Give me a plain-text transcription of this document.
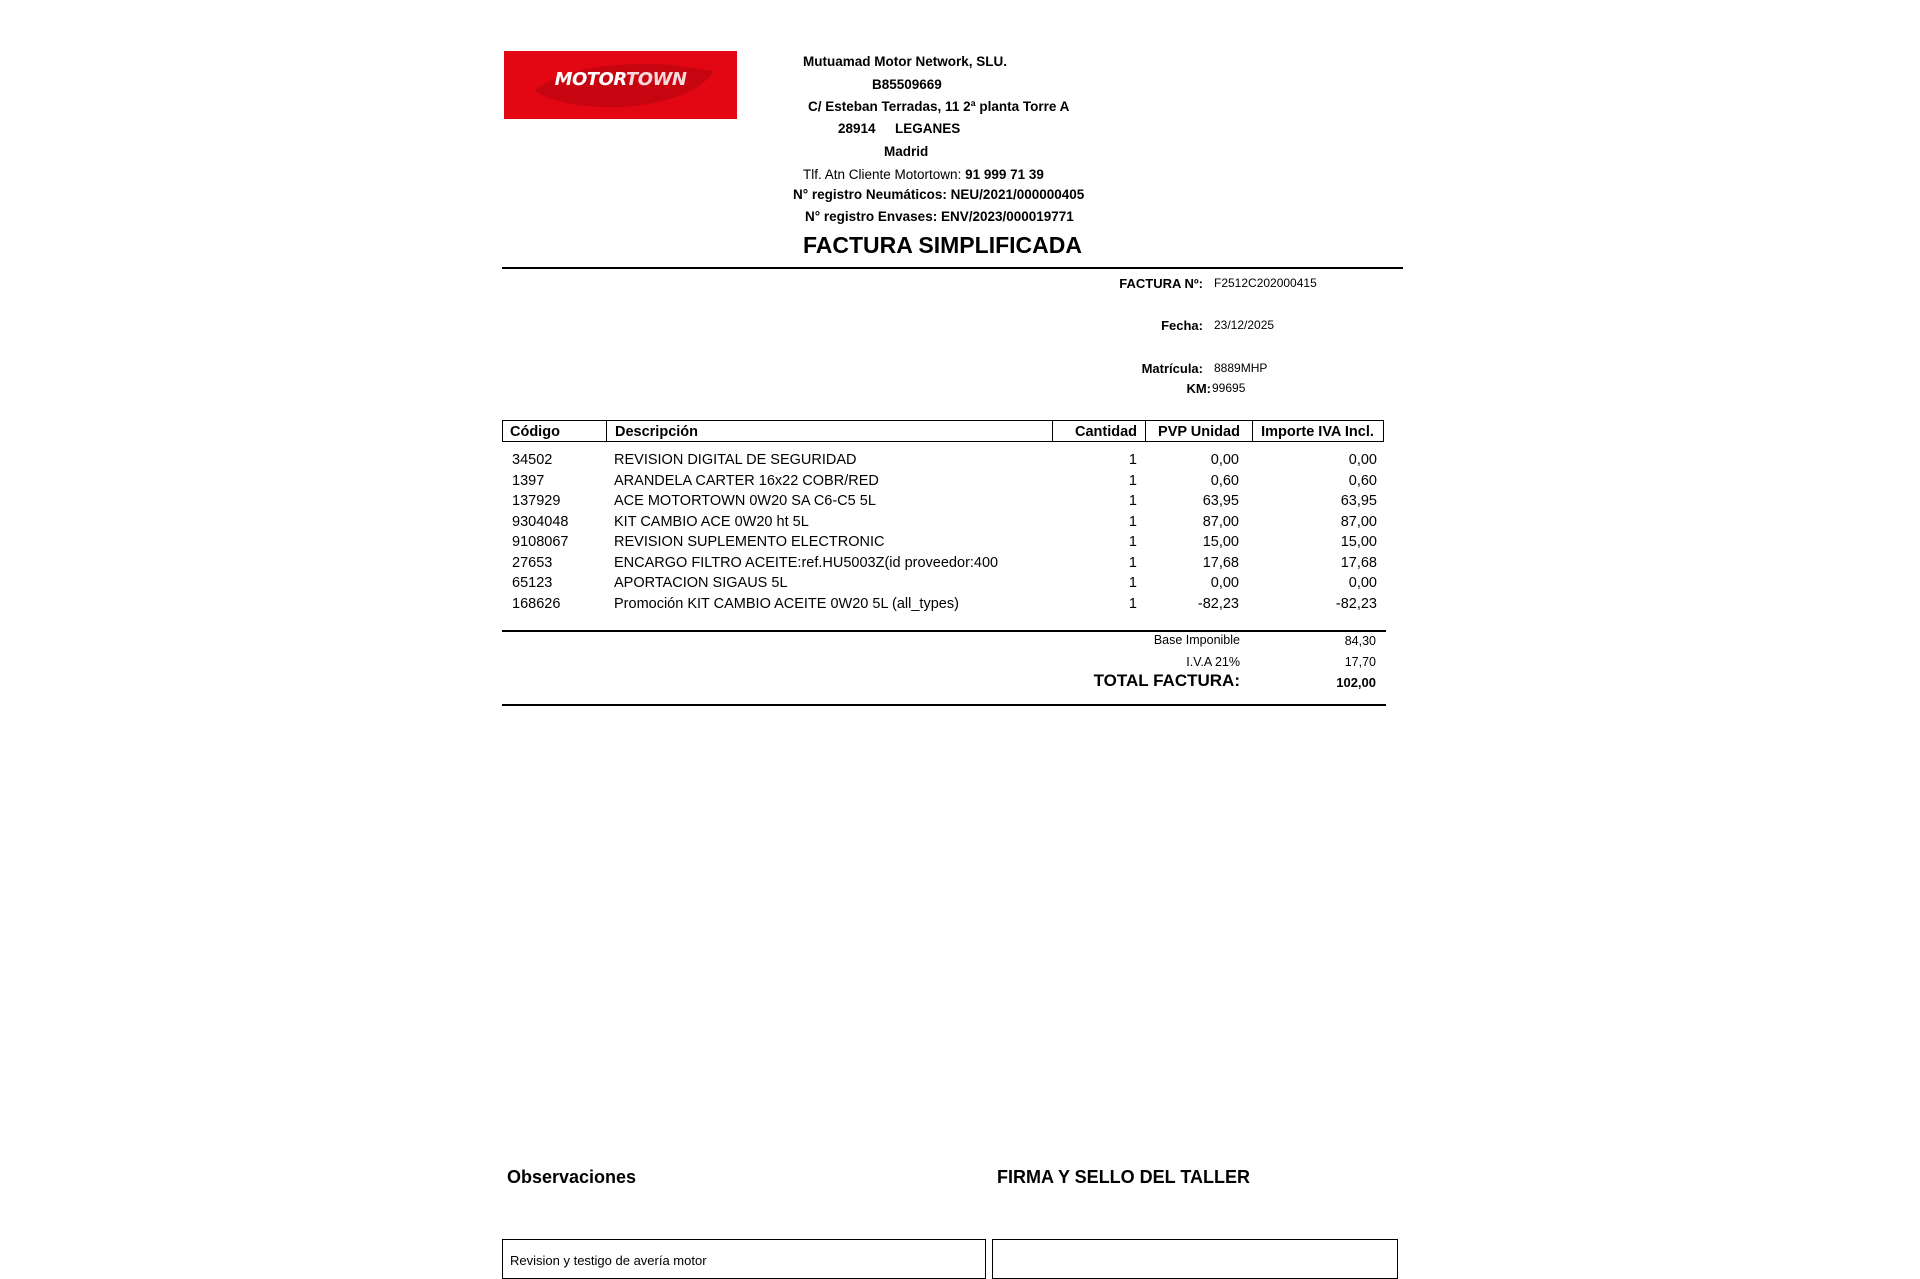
MOTORTOWN
Mutuamad Motor Network, SLU.
B85509669
C/ Esteban Terradas, 11 2ª planta Torre A
28914 LEGANES
Madrid
Tlf. Atn Cliente Motortown: 91 999 71 39
N° registro Neumáticos: NEU/2021/000000405
N° registro Envases: ENV/2023/000019771
FACTURA SIMPLIFICADA
FACTURA Nº: F2512C202000415
Fecha: 23/12/2025
Matrícula: 8889MHP
KM: 99695
Código	Descripción	Cantidad	PVP Unidad	Importe IVA Incl.
34502	REVISION DIGITAL DE SEGURIDAD	1	0,00	0,00
1397	ARANDELA CARTER 16x22 COBR/RED	1	0,60	0,60
137929	ACE MOTORTOWN 0W20 SA C6-C5 5L	1	63,95	63,95
9304048	KIT CAMBIO ACE 0W20 ht 5L	1	87,00	87,00
9108067	REVISION SUPLEMENTO ELECTRONIC	1	15,00	15,00
27653	ENCARGO FILTRO ACEITE:ref.HU5003Z(id proveedor:400	1	17,68	17,68
65123	APORTACION SIGAUS 5L	1	0,00	0,00
168626	Promoción KIT CAMBIO ACEITE 0W20 5L (all_types)	1	-82,23	-82,23
Base Imponible	84,30
I.V.A 21%	17,70
TOTAL FACTURA:	102,00
Observaciones	FIRMA Y SELLO DEL TALLER
Revision y testigo de avería motor
